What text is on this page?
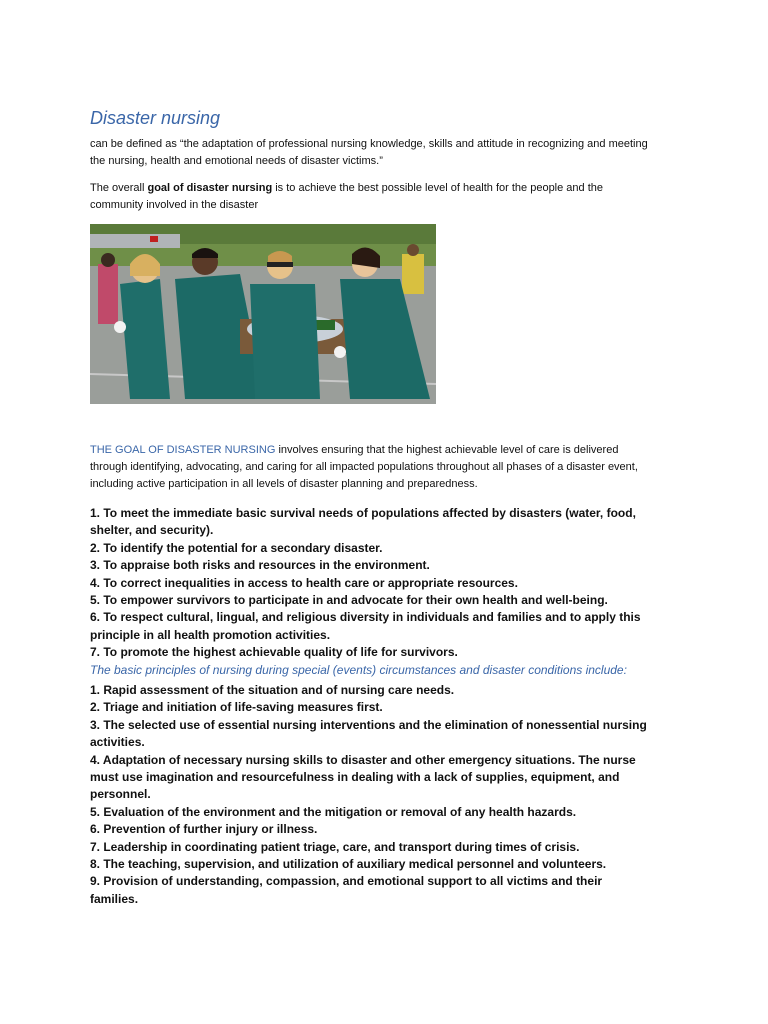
Disaster nursing
can be defined as “the adaptation of professional nursing knowledge, skills and attitude in recognizing and meeting the nursing, health and emotional needs of disaster victims.”
The overall goal of disaster nursing is to achieve the best possible level of health for the people and the community involved in the disaster
THE GOAL OF DISASTER NURSING involves ensuring that the highest achievable level of care is delivered through identifying, advocating, and caring for all impacted populations throughout all phases of a disaster event, including active participation in all levels of disaster planning and preparedness.
1. To meet the immediate basic survival needs of populations affected by disasters (water, food, shelter, and security).
2. To identify the potential for a secondary disaster.
3. To appraise both risks and resources in the environment.
4. To correct inequalities in access to health care or appropriate resources.
5. To empower survivors to participate in and advocate for their own health and well-being.
6. To respect cultural, lingual, and religious diversity in individuals and families and to apply this principle in all health promotion activities.
7. To promote the highest achievable quality of life for survivors.
The basic principles of nursing during special (events) circumstances and disaster conditions include:
1. Rapid assessment of the situation and of nursing care needs.
2. Triage and initiation of life-saving measures first.
3. The selected use of essential nursing interventions and the elimination of nonessential nursing activities.
4. Adaptation of necessary nursing skills to disaster and other emergency situations. The nurse must use imagination and resourcefulness in dealing with a lack of supplies, equipment, and personnel.
5. Evaluation of the environment and the mitigation or removal of any health hazards.
6. Prevention of further injury or illness.
7. Leadership in coordinating patient triage, care, and transport during times of crisis.
8. The teaching, supervision, and utilization of auxiliary medical personnel and volunteers.
9. Provision of understanding, compassion, and emotional support to all victims and their families.
